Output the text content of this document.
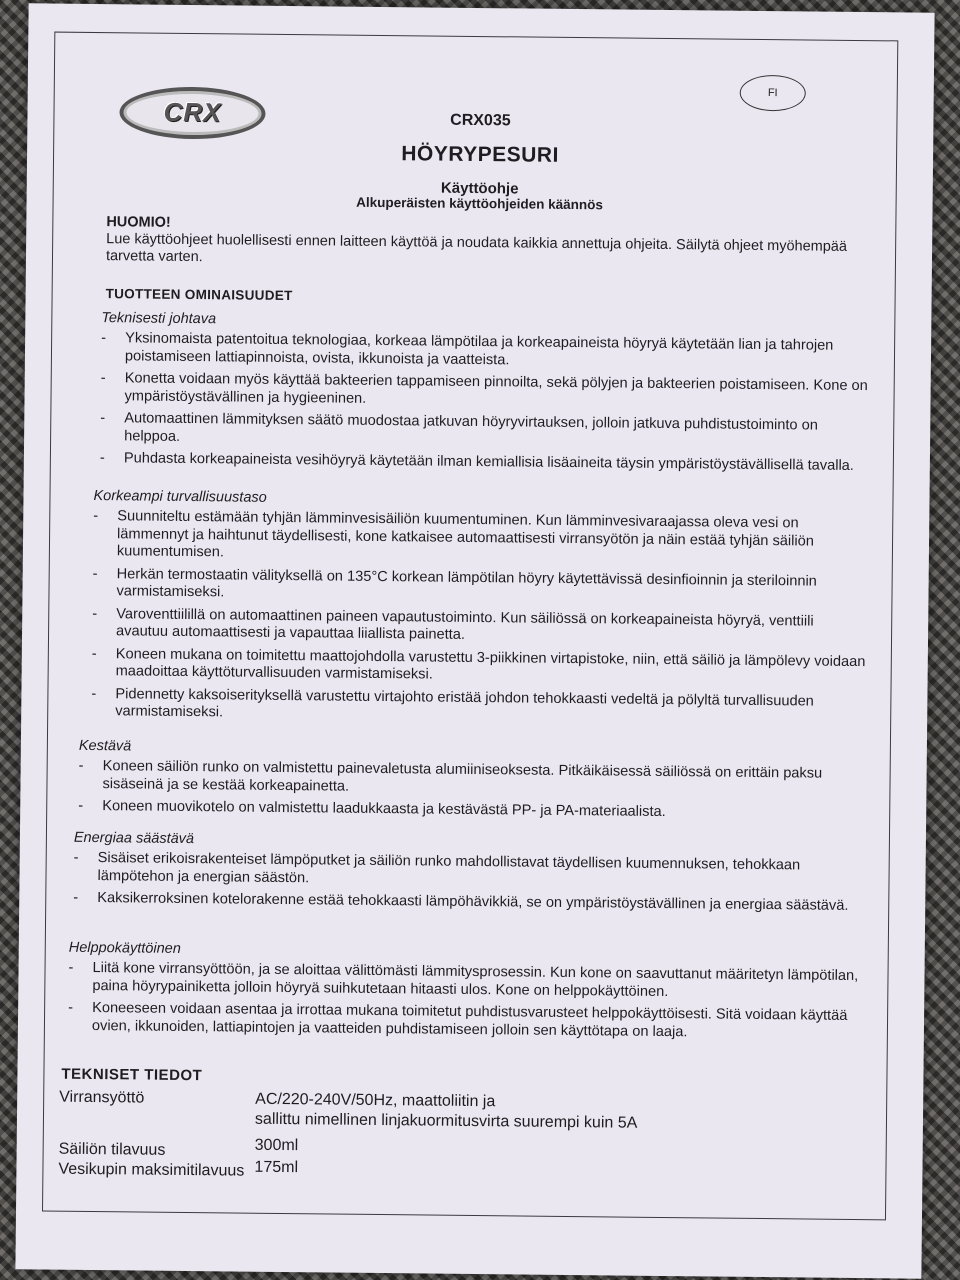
CRX
FI
CRX035
HÖYRYPESURI
Käyttöohje
Alkuperäisten käyttöohjeiden käännös
HUOMIO!
Lue käyttöohjeet huolellisesti ennen laitteen käyttöä ja noudata kaikkia annettuja ohjeita. Säilytä ohjeet myöhempää tarvetta varten.
TUOTTEEN OMINAISUUDET
Teknisesti johtava
- Yksinomaista patentoitua teknologiaa, korkeaa lämpötilaa ja korkeapaineista höyryä käytetään lian ja tahrojen poistamiseen lattiapinnoista, ovista, ikkunoista ja vaatteista.
- Konetta voidaan myös käyttää bakteerien tappamiseen pinnoilta, sekä pölyjen ja bakteerien poistamiseen. Kone on ympäristöystävällinen ja hygieeninen.
- Automaattinen lämmityksen säätö muodostaa jatkuvan höyryvirtauksen, jolloin jatkuva puhdistustoiminto on helppoa.
- Puhdasta korkeapaineista vesihöyryä käytetään ilman kemiallisia lisäaineita täysin ympäristöystävällisellä tavalla.
Korkeampi turvallisuustaso
- Suunniteltu estämään tyhjän lämminvesisäiliön kuumentuminen. Kun lämminvesivaraajassa oleva vesi on lämmennyt ja haihtunut täydellisesti, kone katkaisee automaattisesti virransyötön ja näin estää tyhjän säiliön kuumentumisen.
- Herkän termostaatin välityksellä on 135°C korkean lämpötilan höyry käytettävissä desinfioinnin ja steriloinnin varmistamiseksi.
- Varoventtiilillä on automaattinen paineen vapautustoiminto. Kun säiliössä on korkeapaineista höyryä, venttiili avautuu automaattisesti ja vapauttaa liiallista painetta.
- Koneen mukana on toimitettu maattojohdolla varustettu 3-piikkinen virtapistoke, niin, että säiliö ja lämpölevy voidaan maadoittaa käyttöturvallisuuden varmistamiseksi.
- Pidennetty kaksoiserityksellä varustettu virtajohto eristää johdon tehokkaasti vedeltä ja pölyltä turvallisuuden varmistamiseksi.
Kestävä
- Koneen säiliön runko on valmistettu painevaletusta alumiiniseoksesta. Pitkäikäisessä säiliössä on erittäin paksu sisäseinä ja se kestää korkeapainetta.
- Koneen muovikotelo on valmistettu laadukkaasta ja kestävästä PP- ja PA-materiaalista.
Energiaa säästävä
- Sisäiset erikoisrakenteiset lämpöputket ja säiliön runko mahdollistavat täydellisen kuumennuksen, tehokkaan lämpötehon ja energian säästön.
- Kaksikerroksinen kotelorakenne estää tehokkaasti lämpöhävikkiä, se on ympäristöystävällinen ja energiaa säästävä.
Helppokäyttöinen
- Liitä kone virransyöttöön, ja se aloittaa välittömästi lämmitysprosessin. Kun kone on saavuttanut määritetyn lämpötilan, paina höyrypainiketta jolloin höyryä suihkutetaan hitaasti ulos. Kone on helppokäyttöinen.
- Koneeseen voidaan asentaa ja irrottaa mukana toimitetut puhdistusvarusteet helppokäyttöisesti. Sitä voidaan käyttää ovien, ikkunoiden, lattiapintojen ja vaatteiden puhdistamiseen jolloin sen käyttötapa on laaja.
TEKNISET TIEDOT
Virransyöttö	AC/220-240V/50Hz, maattoliitin ja
sallittu nimellinen linjakuormitusvirta suurempi kuin 5A
Säiliön tilavuus	300ml
Vesikupin maksimitilavuus 175ml
